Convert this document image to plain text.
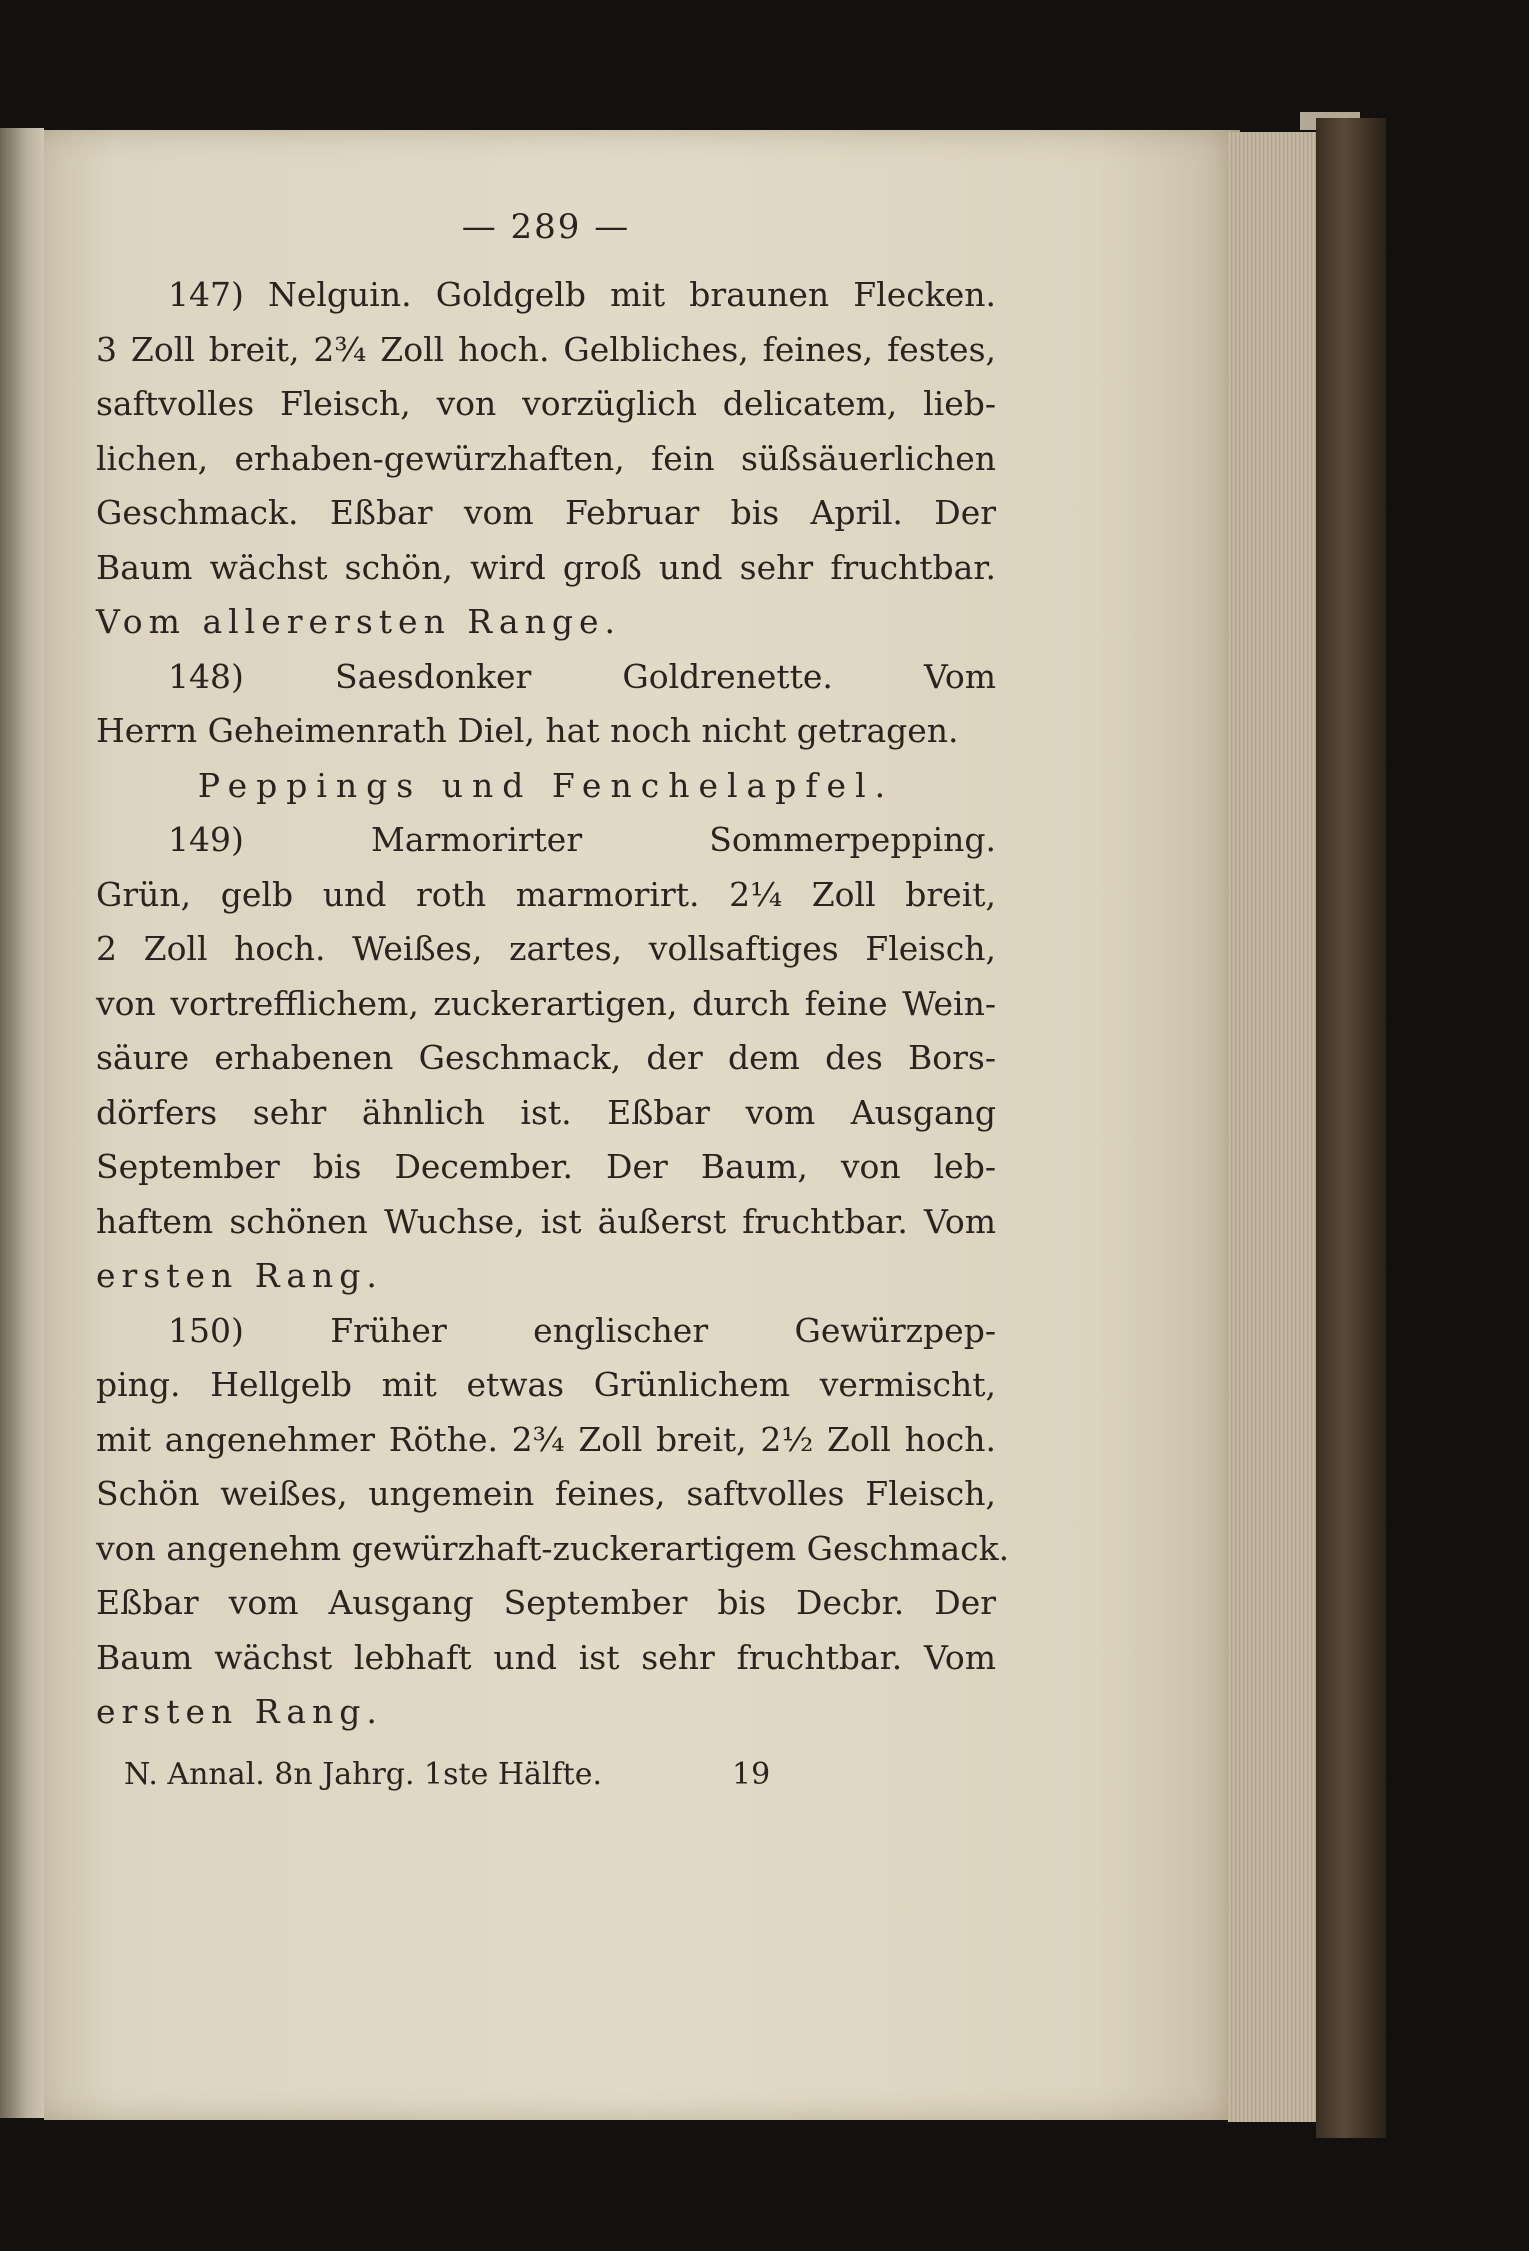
— 289 —
147) Nelguin. Goldgelb mit braunen Flecken.
3 Zoll breit, 2¾ Zoll hoch. Gelbliches, feines, festes,
saftvolles Fleisch, von vorzüglich delicatem, lieb-
lichen, erhaben-gewürzhaften, fein süßsäuerlichen
Geschmack. Eßbar vom Februar bis April. Der
Baum wächst schön, wird groß und sehr fruchtbar.
Vom allerersten Range.
148) Saesdonker Goldrenette. Vom
Herrn Geheimenrath Diel, hat noch nicht getragen.
Peppings und Fenchelapfel.
149) Marmorirter Sommerpepping.
Grün, gelb und roth marmorirt. 2¼ Zoll breit,
2 Zoll hoch. Weißes, zartes, vollsaftiges Fleisch,
von vortrefflichem, zuckerartigen, durch feine Wein-
säure erhabenen Geschmack, der dem des Bors-
dörfers sehr ähnlich ist. Eßbar vom Ausgang
September bis December. Der Baum, von leb-
haftem schönen Wuchse, ist äußerst fruchtbar. Vom
ersten Rang.
150) Früher englischer Gewürzpep-
ping. Hellgelb mit etwas Grünlichem vermischt,
mit angenehmer Röthe. 2¾ Zoll breit, 2½ Zoll hoch.
Schön weißes, ungemein feines, saftvolles Fleisch,
von angenehm gewürzhaft-zuckerartigem Geschmack.
Eßbar vom Ausgang September bis Decbr. Der
Baum wächst lebhaft und ist sehr fruchtbar. Vom
ersten Rang.
N. Annal. 8n Jahrg. 1ste Hälfte.	19
